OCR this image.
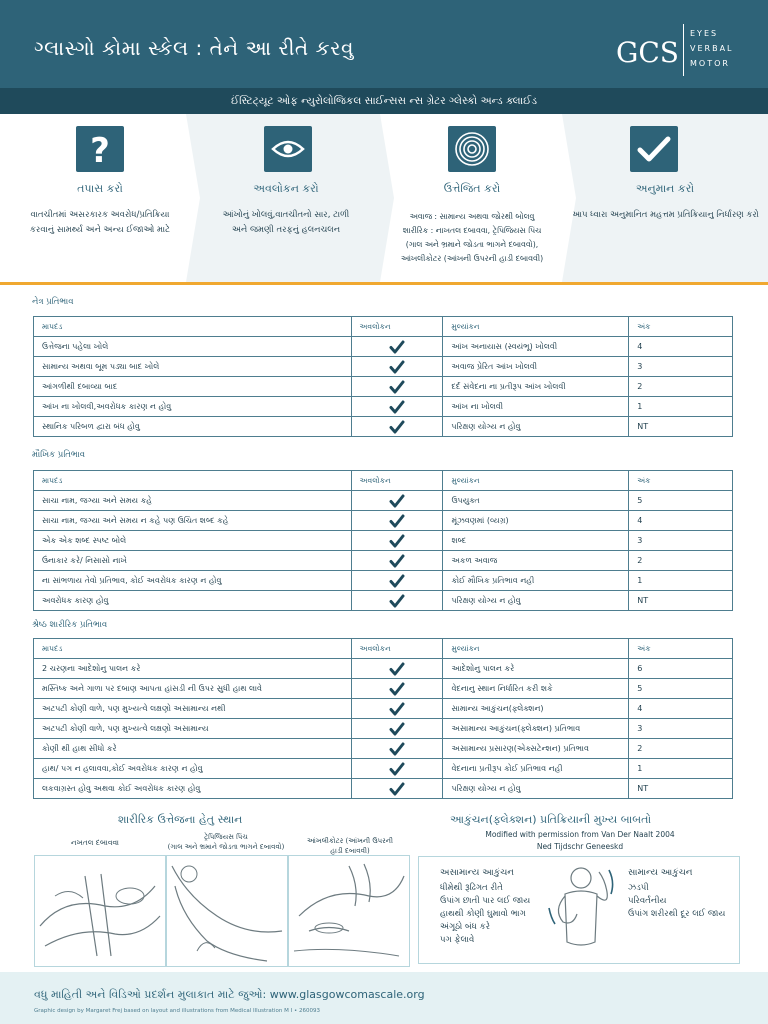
ગ્લાસ્ગો કોમા સ્કેલ : તેને આ રીતે કરવુ	GCS
EYES
VERBAL
MOTOR
ઈંસ્ટિટ્યૂટ ઓફ ન્યુરોલોજિકલ સાઈન્સસ ન્સ ગ્રેટર ગ્લેસ્કો અન્ડ ક્લાઈડ
?
તપાસ કરો
વાતચીતમાં અસરકારક અવરોધ/પ્રતિક્રિયા
કરવાનું સામર્થ્ય અને અન્ય ઈજાઓ માટે
અવલોકન કરો
આંખોનું ખોલવું,વાતચીતનો સાર, ટાળી
અને જમણી તરફનું હલનચલન
ઉત્તેજિત કરો
અવાજ : સામાન્ય અથવા જોરથી બોલવુ
શારીરિક : નાખતલ દબાવવા, ટ્રેપિજિયસ પિંચ
(ગાલ અને ભ્રમાને જોડતા ભાગને દબાવવો),
આંખલીકોટર (આંખની ઉપરની હાડી દબાવવી)
અનુમાન કરો
આપ ધ્વારા અનુમાનિત મહત્તમ પ્રતિક્રિયાનુ નિર્ધારણ કરો
નેત્ર પ્રતિભાવ
માપદંડ	અવલોકન	મુલ્યાંકન	અંક
ઉત્તેજના પહેલા ખોલે		આંખ અનાયાસ (સ્વયંભૂ) ખોલવી	4
સામાન્ય અથવા બૂમ પડ્યા બાદ ખોલે		અવાજ પ્રેરિત આંખ ખોલવી	3
આંગળીથી દબાવ્યા બાદ		દર્દ સંવેદના ના પ્રતીરૂપ આંખ ખોલવી	2
આંખ ના ખોલવી,અવરોધક કારણ ન હોવુ		આંખ ના ખોલવી	1
સ્થાનિક પરિબળ દ્વારા બંધ હોવુ		પરિક્ષણ યોગ્ય ન હોવુ	NT
મૌખિક પ્રતિભાવ
માપદંડ	અવલોકન	મુલ્યાંકન	અંક
સાચા નામ, જગ્યા અને સમય કહે		ઉપયુક્ત	5
સાચા નામ, જગ્યા અને સમય ન કહે પણ ઉચિત શબ્દ કહે		મૂંઝવણમાં (વ્યગ્ર)	4
એક એક શબ્દ સ્પષ્ટ બોલે		શબ્દ	3
ઉંનાકાર કરે/ નિસાસો નાખે		અકળ અવાજ	2
ના સાંભળાય તેવો પ્રતિભાવ, કોઈ અવરોધક કારણ ન હોવુ		કોઈ મૌખિક પ્રતિભાવ નહી	1
અવરોધક કારણ હોવુ		પરિક્ષણ યોગ્ય ન હોવુ	NT
શ્રેષ્ઠ શારીરિક પ્રતિભાવ
માપદંડ	અવલોકન	મુલ્યાંકન	અંક
2 ચરણના આદેશોનુ પાલન કરે		આદેશોનુ પાલન કરે	6
મસ્તિષ્ક અને ગાળા પર દબાણ આપતા હાંસડી ની ઉપર સુધી હાથ લાવે		વેદનાનુ સ્થાન નિર્ધારિત કરી શકે	5
અટપટી કોણી વાળે, પણ મુખ્યત્વે લક્ષણો અસામાન્ય નથી		સામાન્ય આકુંચન(ફ્લેક્શન)	4
અટપટી કોણી વાળે, પણ મુખ્યત્વે લક્ષણો અસામાન્ય		અસામાન્ય આકુંચન(ફ્લેક્શન) પ્રતિભાવ	3
કોણી થી હાથ સીધો કરે		અસામાન્ય પ્રસારણ(એક્સટેન્શન) પ્રતિભાવ	2
હાથ/ પગ ન હલાવવા,કોઈ અવરોધક કારણ ન હોવુ		વેદનાના પ્રતીરૂપ કોઈ પ્રતિભાવ નહી	1
લકવાગ્રસ્ત હોવુ અથવા કોઈ અવરોધક કારણ હોવુ		પરિક્ષણ યોગ્ય ન હોવુ	NT
શારીરિક ઉત્તેજના હેતુ સ્થાન
નખતલ દબાવવા
ટ્રેપિજિયસ પિંચ
(ગાલ અને ભ્રમાને જોડતા ભાગને દબાવવો)
આંખલીકોટર (આંખની ઉપરની
હાડી દબાવવી)
આકુંચન(ફ્લેક્શન) પ્રતિક્રિયાની મુખ્ય બાબતો
Modified with permission from Van Der Naalt 2004
Ned Tijdschr Geneeskd
અસામાન્ય આકુંચન
ધીમેથી રૂઢિગત રીતે
ઉપાંગ છાતી પાર લઈ જાય
હાથથી કોણી ઘુમાવો ભાગ
અંગૂઠો બંધ કરે
પગ ફેલાવે
સામાન્ય આકુંચન
ઝડપી
પરિવર્તનીય
ઉપાંગ શરીરથી દૂર લઈ જાય
વધુ માહિતી અને વિડિઓ પ્રદર્શન મુલાકાત માટે જુઓ: www.glasgowcomascale.org
Graphic design by Margaret Frej based on layout and illustrations from Medical Illustration M I • 260093
